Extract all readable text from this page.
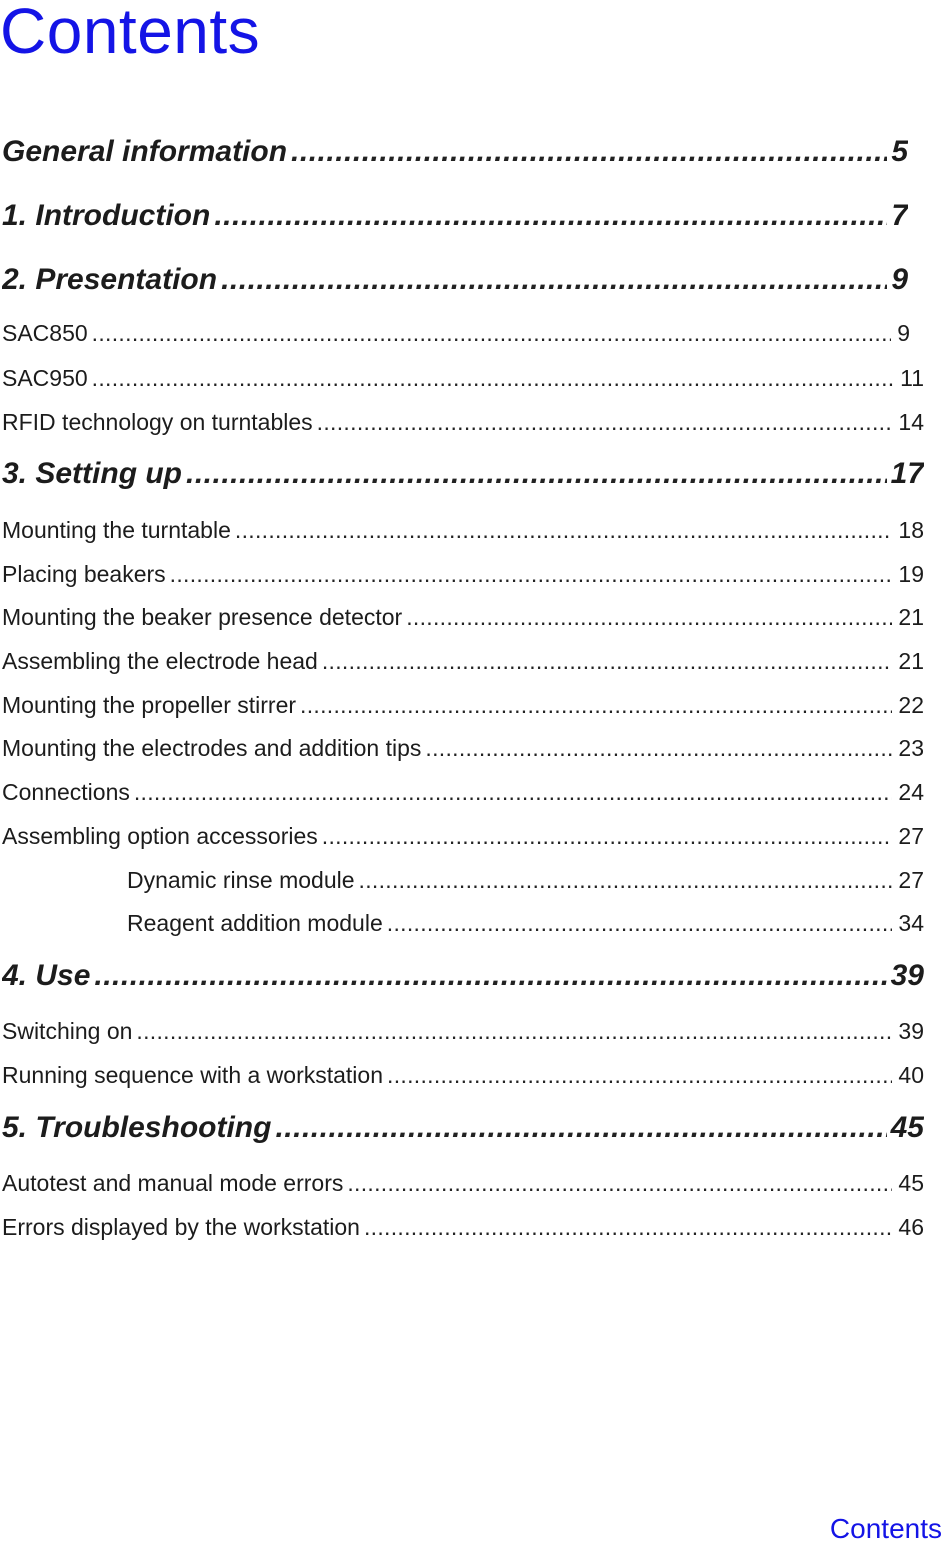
Contents
General information .....	5
1. Introduction .....	7
2. Presentation .....	9
SAC850 .....	9
SAC950 .....	11
RFID technology on turntables .....	14
3. Setting up .....	17
Mounting the turntable .....	18
Placing beakers .....	19
Mounting the beaker presence detector .....	21
Assembling the electrode head .....	21
Mounting the propeller stirrer .....	22
Mounting the electrodes and addition tips .....	23
Connections .....	24
Assembling option accessories .....	27
Dynamic rinse module .....	27
Reagent addition module .....	34
4. Use .....	39
Switching on .....	39
Running sequence with a workstation .....	40
5. Troubleshooting .....	45
Autotest and manual mode errors .....	45
Errors displayed by the workstation .....	46
Contents
